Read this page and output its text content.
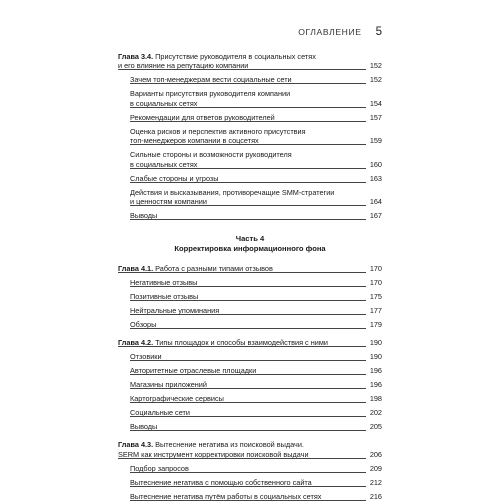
ОГЛАВЛЕНИЕ 5
Глава 3.4. Присутствие руководителя в социальных сетях
и его влияние на репутацию компании	152
Зачем топ-менеджерам вести социальные сети	152
Варианты присутствия руководителя компании
в социальных сетях	154
Рекомендации для ответов руководителей	157
Оценка рисков и перспектив активного присутствия
топ-менеджеров компании в соцсетях	159
Сильные стороны и возможности руководителя
в социальных сетях	160
Слабые стороны и угрозы	163
Действия и высказывания, противоречащие SMM-стратегии
и ценностям компании	164
Выводы	167
Часть 4
Корректировка информационного фона
Глава 4.1. Работа с разными типами отзывов	170
Негативные отзывы	170
Позитивные отзывы	175
Нейтральные упоминания	177
Обзоры	179
Глава 4.2. Типы площадок и способы взаимодействия с ними	190
Отзовики	190
Авторитетные отраслевые площадки	196
Магазины приложений	196
Картографические сервисы	198
Социальные сети	202
Выводы	205
Глава 4.3. Вытеснение негатива из поисковой выдачи.
SERM как инструмент корректировки поисковой выдачи	206
Подбор запросов	209
Вытеснение негатива с помощью собственного сайта	212
Вытеснение негатива путём работы в социальных сетях	216
